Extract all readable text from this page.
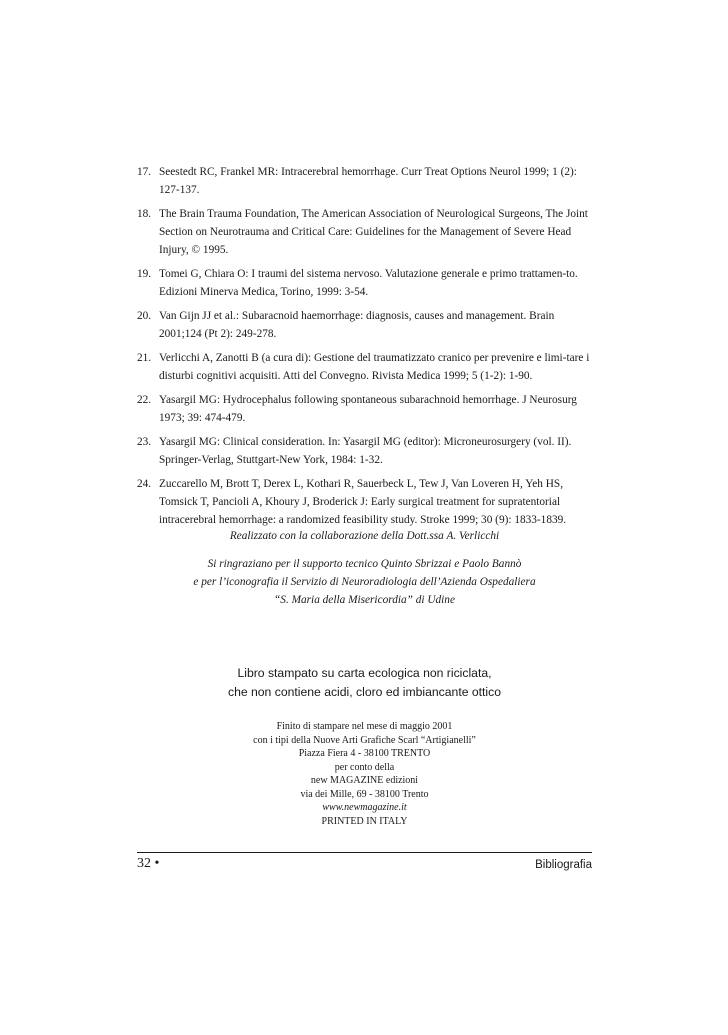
17. Seestedt RC, Frankel MR: Intracerebral hemorrhage. Curr Treat Options Neurol 1999; 1 (2): 127-137.
18. The Brain Trauma Foundation, The American Association of Neurological Surgeons, The Joint Section on Neurotrauma and Critical Care: Guidelines for the Management of Severe Head Injury, © 1995.
19. Tomei G, Chiara O: I traumi del sistema nervoso. Valutazione generale e primo trattamen-to. Edizioni Minerva Medica, Torino, 1999: 3-54.
20. Van Gijn JJ et al.: Subaracnoid haemorrhage: diagnosis, causes and management. Brain 2001;124 (Pt 2): 249-278.
21. Verlicchi A, Zanotti B (a cura di): Gestione del traumatizzato cranico per prevenire e limi-tare i disturbi cognitivi acquisiti. Atti del Convegno. Rivista Medica 1999; 5 (1-2): 1-90.
22. Yasargil MG: Hydrocephalus following spontaneous subarachnoid hemorrhage. J Neurosurg 1973; 39: 474-479.
23. Yasargil MG: Clinical consideration. In: Yasargil MG (editor): Microneurosurgery (vol. II). Springer-Verlag, Stuttgart-New York, 1984: 1-32.
24. Zuccarello M, Brott T, Derex L, Kothari R, Sauerbeck L, Tew J, Van Loveren H, Yeh HS, Tomsick T, Pancioli A, Khoury J, Broderick J: Early surgical treatment for supratentorial intracerebral hemorrhage: a randomized feasibility study. Stroke 1999; 30 (9): 1833-1839.
Realizzato con la collaborazione della Dott.ssa A. Verlicchi
Si ringraziano per il supporto tecnico Quinto Sbrizzai e Paolo Bannò
e per l’iconografia il Servizio di Neuroradiologia dell’Azienda Ospedaliera
“S. Maria della Misericordia” di Udine
Libro stampato su carta ecologica non riciclata,
che non contiene acidi, cloro ed imbiancante ottico
Finito di stampare nel mese di maggio 2001
con i tipi della Nuove Arti Grafiche Scarl “Artigianelli”
Piazza Fiera 4 - 38100 TRENTO
per conto della
new MAGAZINE edizioni
via dei Mille, 69 - 38100 Trento
www.newmagazine.it
PRINTED IN ITALY
32 •	Bibliografia
